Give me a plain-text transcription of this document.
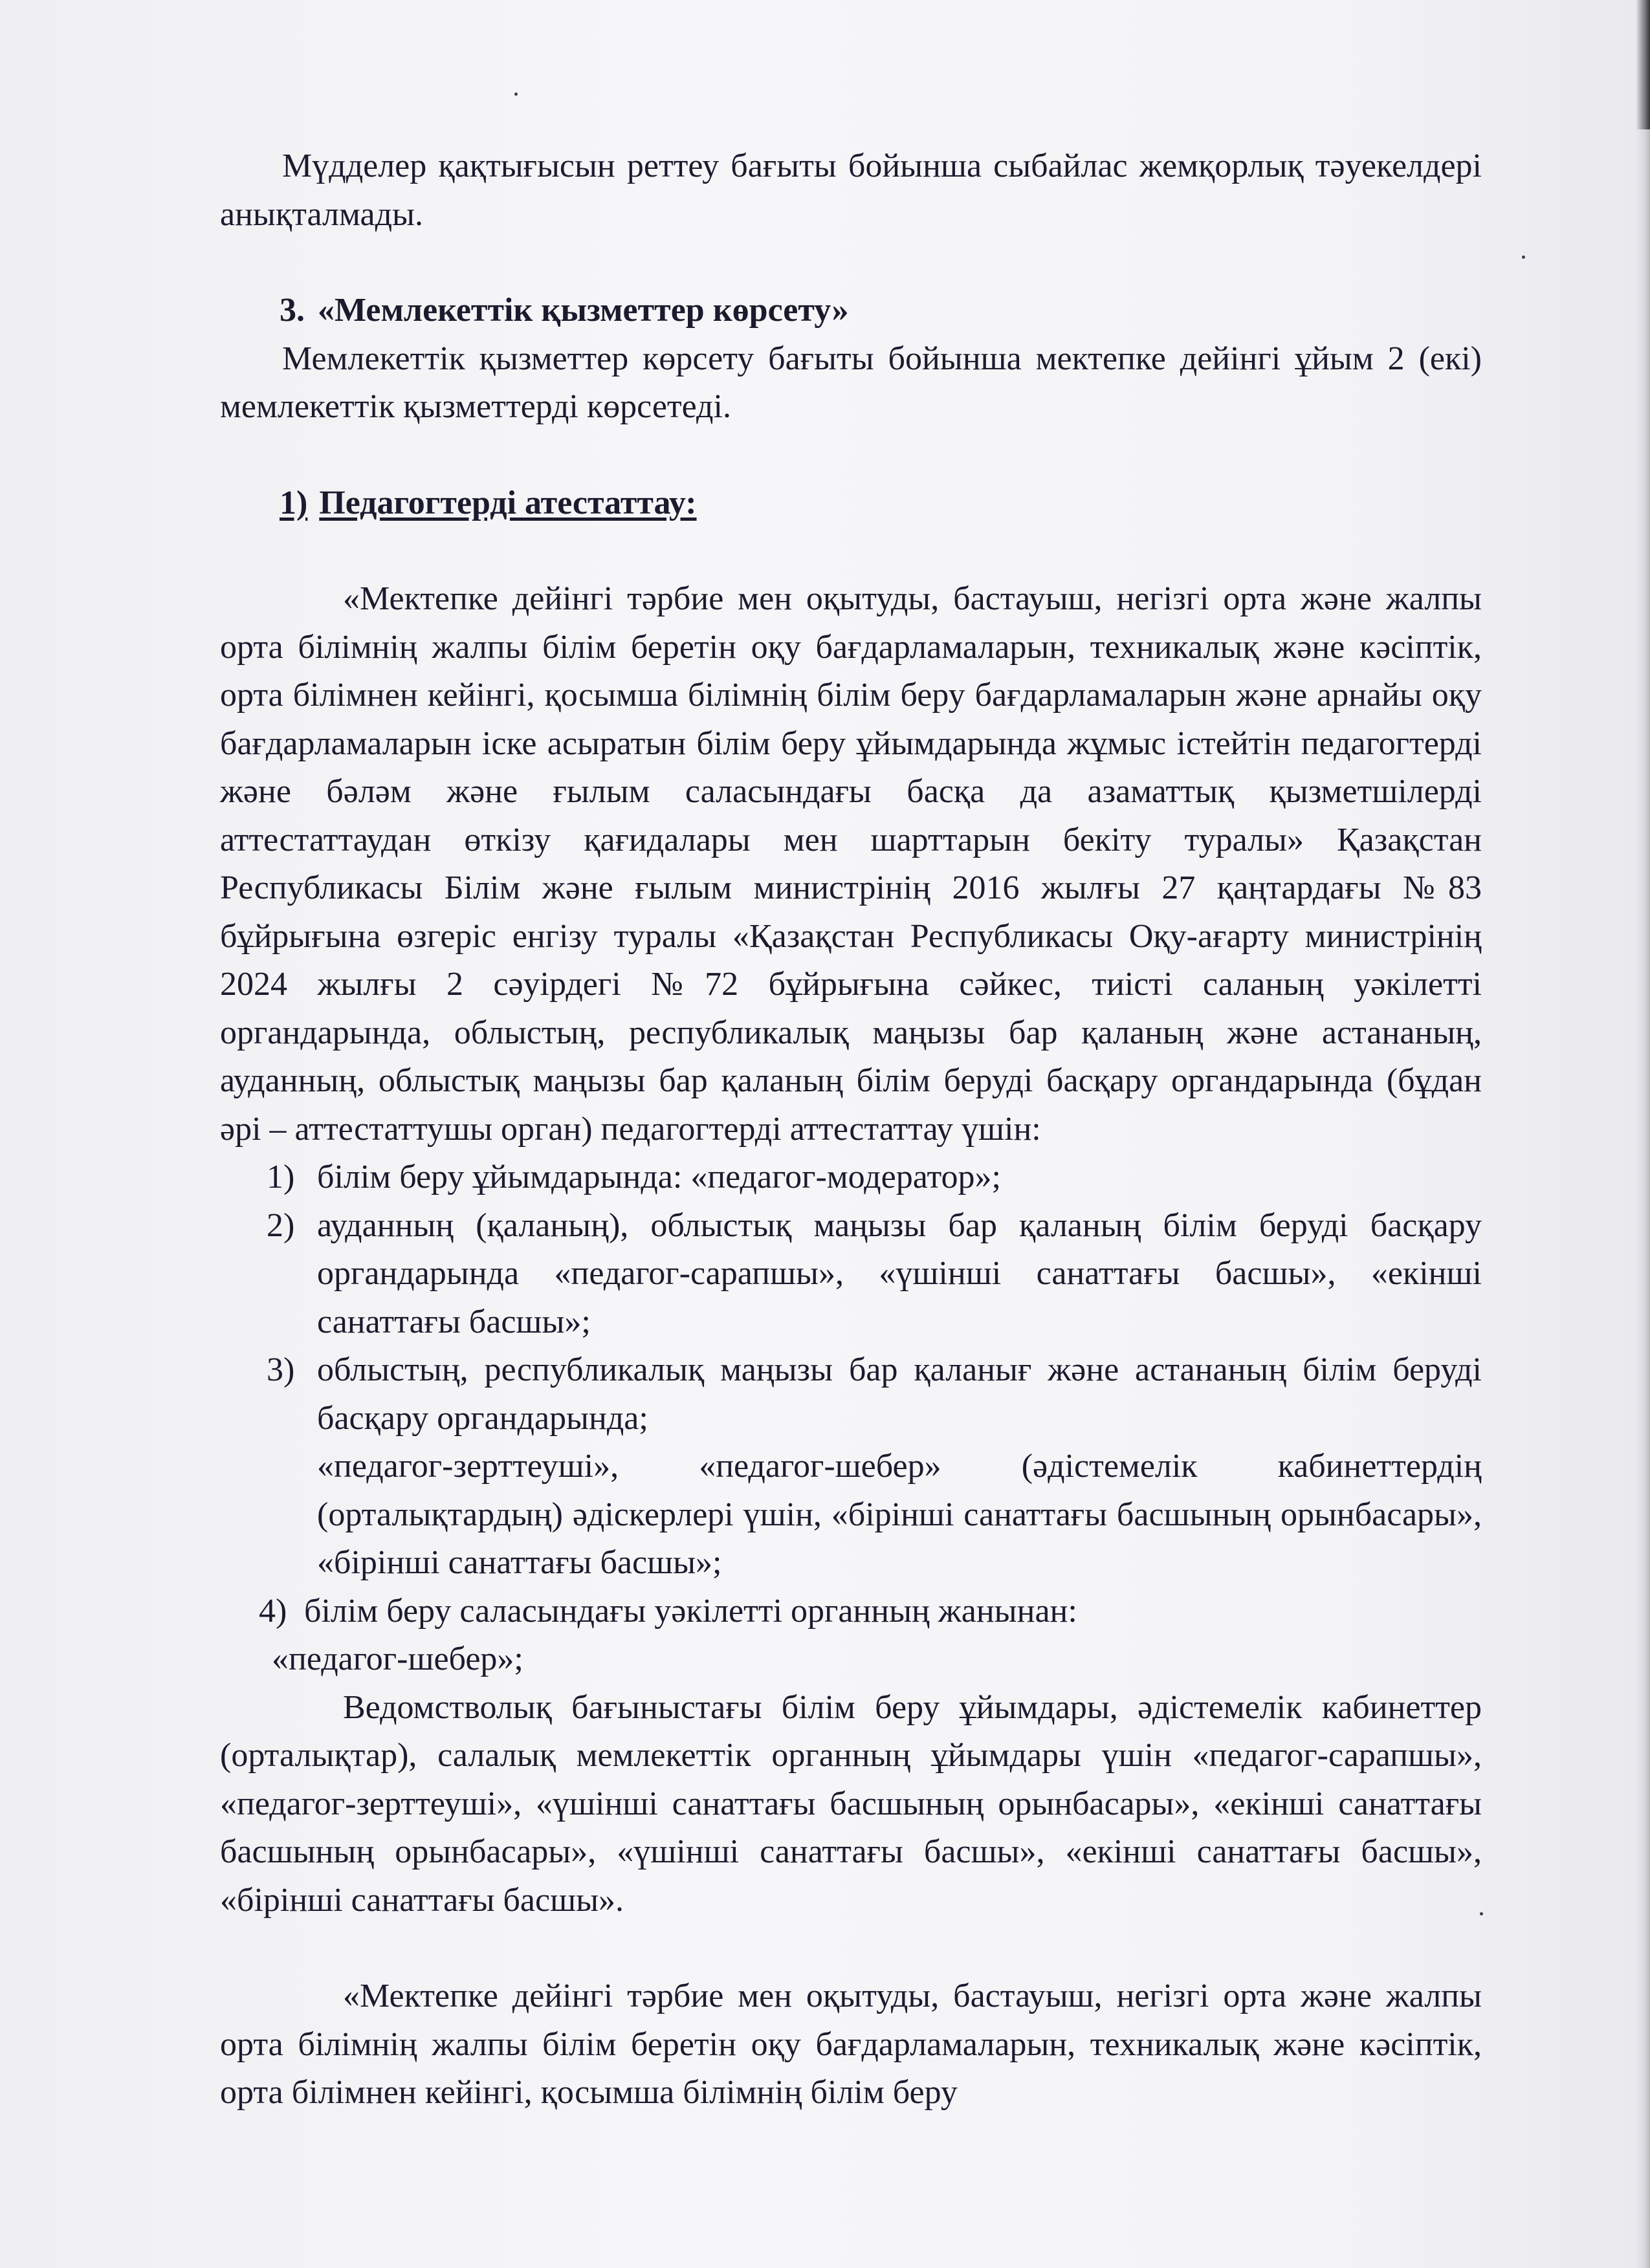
Мүдделер қақтығысын реттеу бағыты бойынша сыбайлас жемқорлық тәуекелдері анықталмады.

3. «Мемлекеттік қызметтер көрсету»

Мемлекеттік қызметтер көрсету бағыты бойынша мектепке дейінгі ұйым 2 (екі) мемлекеттік қызметтерді көрсетеді.

1) Педагогтерді атестаттау:

«Мектепке дейінгі тәрбие мен оқытуды, бастауыш, негізгі орта және жалпы орта білімнің жалпы білім беретін оқу бағдарламаларын, техникалық және кәсіптік, орта білімнен кейінгі, қосымша білімнің білім беру бағдарламаларын және арнайы оқу бағдарламаларын іске асыратын білім беру ұйымдарында жұмыс істейтін педагогтерді және бәлəм және ғылым саласындағы басқа да азаматтық қызметшілерді аттестаттаудан өткізу қағидалары мен шарттарын бекіту туралы» Қазақстан Республикасы Білім және ғылым министрінің 2016 жылғы 27 қаңтардағы №83 бұйрығына өзгеріс енгізу туралы «Қазақстан Республикасы Оқу-ағарту министрінің 2024 жылғы 2 сәуірдегі №72 бұйрығына сәйкес, тиісті саланың уәкілетті органдарында, облыстың, республикалық маңызы бар қаланың және астананың, ауданның, облыстық маңызы бар қаланың білім беруді басқару органдарында (бұдан әрі – аттестаттушы орган) педагогтерді аттестаттау үшін:

1) білім беру ұйымдарында: «педагог-модератор»;

2) ауданның (қаланың), облыстық маңызы бар қаланың білім беруді басқару органдарында «педагог-сарапшы», «үшінші санаттағы басшы», «екінші санаттағы басшы»;

3) облыстың, республикалық маңызы бар қаланығ және астананың білім беруді басқару органдарында;

«педагог-зерттеуші», «педагог-шебер» (әдістемелік кабинеттердің (орталықтардың) әдіскерлері үшін, «бірінші санаттағы басшының орынбасары», «бірінші санаттағы басшы»;

4) білім беру саласындағы уәкілетті органның жанынан:

«педагог-шебер»;

Ведомстволық бағыныстағы білім беру ұйымдары, әдістемелік кабинеттер (орталықтар), салалық мемлекеттік органның ұйымдары үшін «педагог-сарапшы», «педагог-зерттеуші», «үшінші санаттағы басшының орынбасары», «екінші санаттағы басшының орынбасары», «үшінші санаттағы басшы», «екінші санаттағы басшы», «бірінші санаттағы басшы».

«Мектепке дейінгі тәрбие мен оқытуды, бастауыш, негізгі орта және жалпы орта білімнің жалпы білім беретін оқу бағдарламаларын, техникалық және кәсіптік, орта білімнен кейінгі, қосымша білімнің білім беру
